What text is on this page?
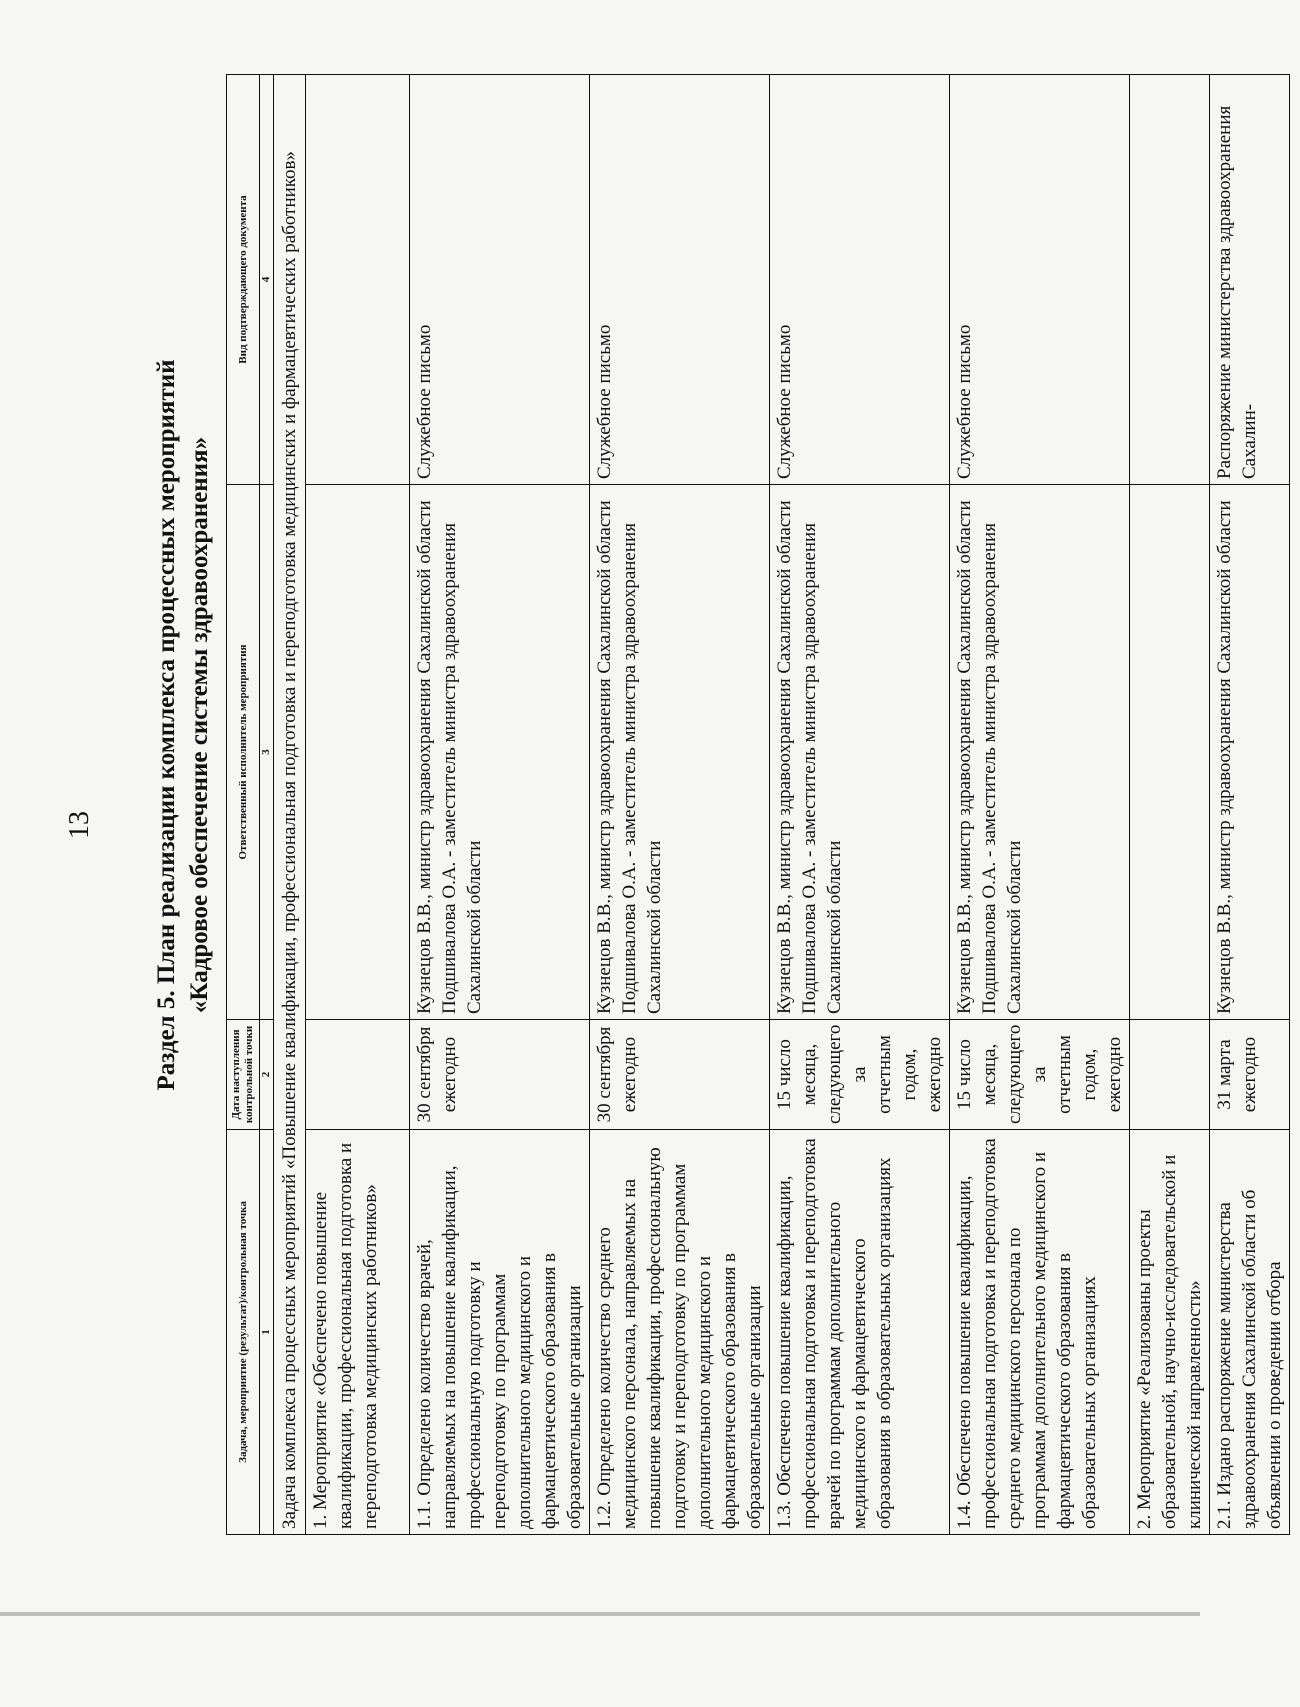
13 Раздел 5. План реализации комплекса процессных мероприятий «Кадровое обеспечение системы здравоохранения»
Задача, мероприятие (результат)/контрольная точка	Дата наступления контрольной точки	Ответственный исполнитель мероприятия	Вид подтверждающего документа
1	2	3	4
Задача комплекса процессных мероприятий «Повышение квалификации, профессиональная подготовка и переподготовка медицинских и фармацевтических работников»			
1. Мероприятие «Обеспечено повышение квалификации, профессиональная подготовка и переподготовка медицинских работников»		

1.1. Определено количество врачей, направляемых на повышение квалификации, профессиональную подготовку и переподготовку по программам дополнительного медицинского и фармацевтического образования в образовательные организации	30 сентября ежегодно	Кузнецов В.В., министр здравоохранения Сахалинской области Подшивалова О.А. - заместитель министра здравоохранения Сахалинской области	Служебное письмо
1.2. Определено количество среднего медицинского персонала, направляемых на повышение квалификации, профессиональную подготовку и переподготовку по программам дополнительного медицинского и фармацевтического образования в образовательные организации	30 сентября ежегодно	Кузнецов В.В., министр здравоохранения Сахалинской области Подшивалова О.А. - заместитель министра здравоохранения Сахалинской области	Служебное письмо
1.3. Обеспечено повышение квалификации, профессиональная подготовка и переподготовка врачей по программам дополнительного медицинского и фармацевтического образования в образовательных организациях	15 число месяца, следующего за отчетным годом, ежегодно	Кузнецов В.В., министр здравоохранения Сахалинской области Подшивалова О.А. - заместитель министра здравоохранения Сахалинской области	Служебное письмо
1.4. Обеспечено повышение квалификации, профессиональная подготовка и переподготовка среднего медицинского персонала по программам дополнительного медицинского и фармацевтического образования в образовательных организациях	15 число месяца, следующего за отчетным годом, ежегодно	Кузнецов В.В., министр здравоохранения Сахалинской области Подшивалова О.А. - заместитель министра здравоохранения Сахалинской области	Служебное письмо
2. Мероприятие «Реализованы проекты образовательной, научно-исследовательской и клинической направленности»		

2.1. Издано распоряжение министерства здравоохранения Сахалинской области об объявлении о проведении отбора	31 марта ежегодно	Кузнецов В.В., министр здравоохранения Сахалинской области	Распоряжение министерства здравоохранения Сахалин-
